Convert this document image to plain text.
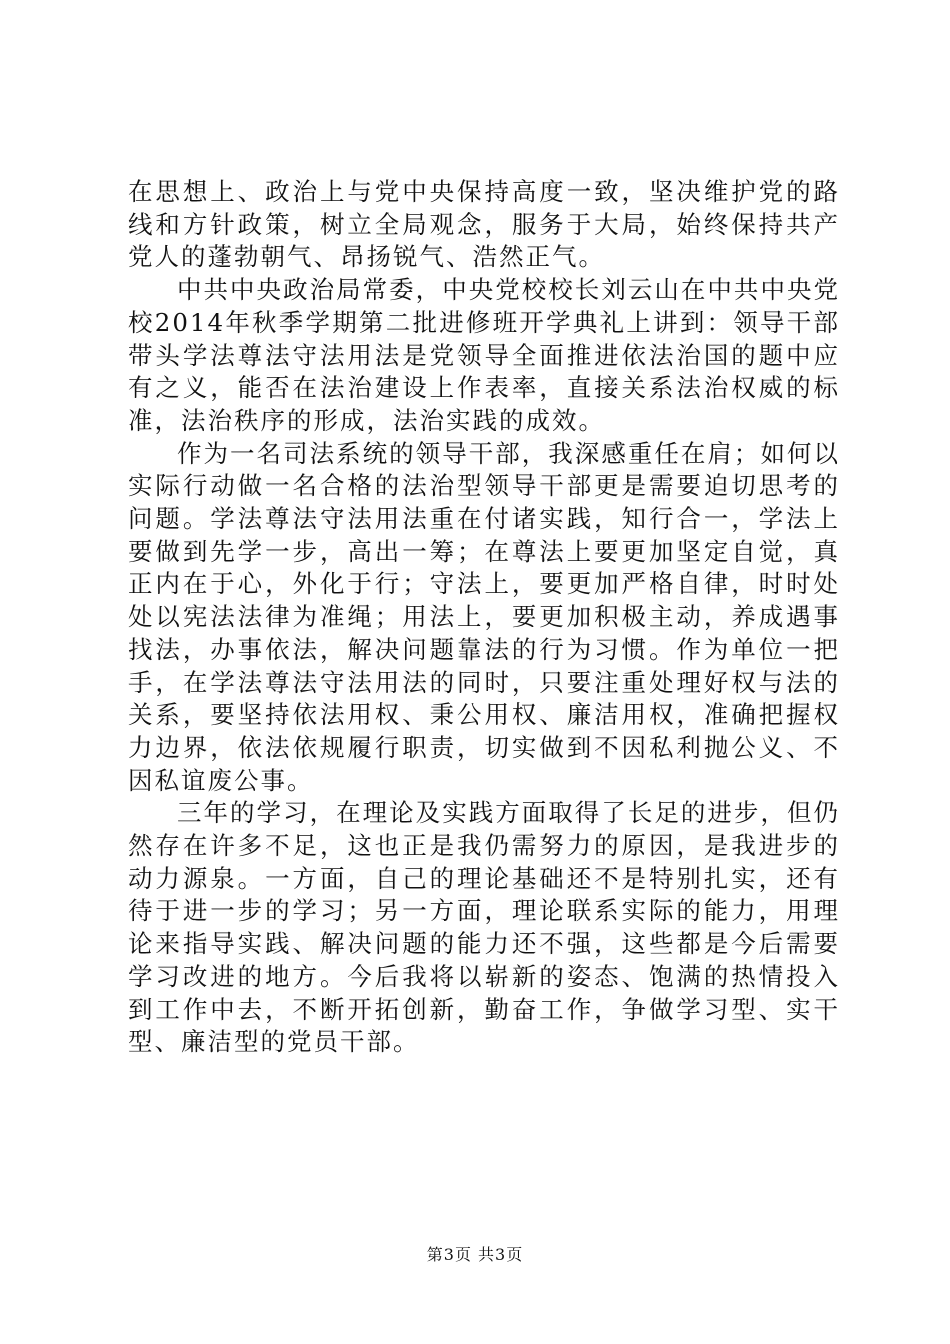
在思想上、政治上与党中央保持高度一致，坚决维护党的路线和方针政策，树立全局观念，服务于大局，始终保持共产党人的蓬勃朝气、昂扬锐气、浩然正气。

中共中央政治局常委，中央党校校长刘云山在中共中央党校2014年秋季学期第二批进修班开学典礼上讲到：领导干部带头学法尊法守法用法是党领导全面推进依法治国的题中应有之义，能否在法治建设上作表率，直接关系法治权威的标准，法治秩序的形成，法治实践的成效。

作为一名司法系统的领导干部，我深感重任在肩；如何以实际行动做一名合格的法治型领导干部更是需要迫切思考的问题。学法尊法守法用法重在付诸实践，知行合一，学法上要做到先学一步，高出一筹；在尊法上要更加坚定自觉，真正内在于心，外化于行；守法上，要更加严格自律，时时处处以宪法法律为准绳；用法上，要更加积极主动，养成遇事找法，办事依法，解决问题靠法的行为习惯。作为单位一把手，在学法尊法守法用法的同时，只要注重处理好权与法的关系，要坚持依法用权、秉公用权、廉洁用权，准确把握权力边界，依法依规履行职责，切实做到不因私利抛公义、不因私谊废公事。

三年的学习，在理论及实践方面取得了长足的进步，但仍然存在许多不足，这也正是我仍需努力的原因，是我进步的动力源泉。一方面，自己的理论基础还不是特别扎实，还有待于进一步的学习；另一方面，理论联系实际的能力，用理论来指导实践、解决问题的能力还不强，这些都是今后需要学习改进的地方。今后我将以崭新的姿态、饱满的热情投入到工作中去，不断开拓创新，勤奋工作，争做学习型、实干型、廉洁型的党员干部。

第3页 共3页
